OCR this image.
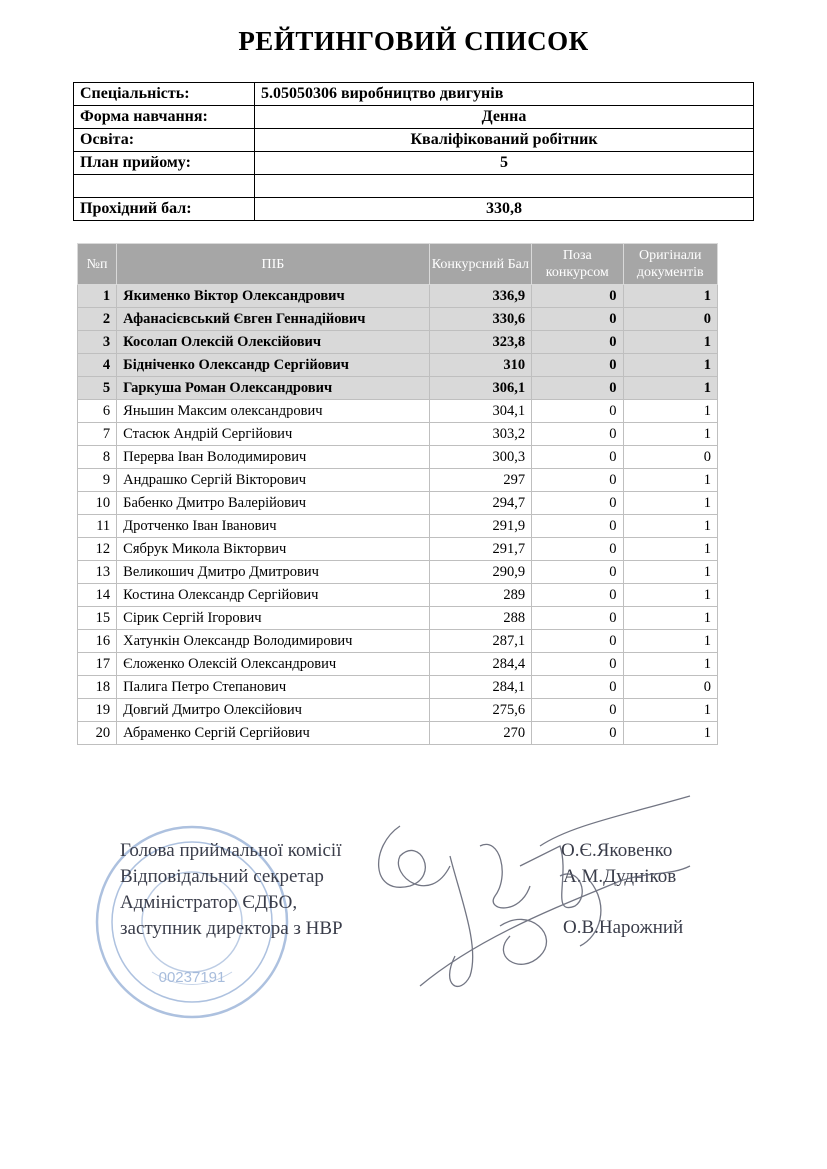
РЕЙТИНГОВИЙ СПИСОК
Спеціальність:	5.05050306 виробництво двигунів
Форма навчання:	Денна
Освіта:	Кваліфікований робітник
План прийому:	5

Прохідний бал:	330,8
№п	ПІБ	Конкурсний Бал	Поза конкурсом	Оригінали документів
1	Якименко Віктор Олександрович	336,9	0	1
2	Афанасієвський Євген Геннадійович	330,6	0	0
3	Косолап Олексій Олексійович	323,8	0	1
4	Бідніченко Олександр Сергійович	310	0	1
5	Гаркуша Роман Олександрович	306,1	0	1
6	Яньшин Максим олександрович	304,1	0	1
7	Стасюк Андрій Сергійович	303,2	0	1
8	Перерва Іван Володимирович	300,3	0	0
9	Андрашко Сергій Вікторович	297	0	1
10	Бабенко Дмитро Валерійович	294,7	0	1
11	Дротченко Іван Іванович	291,9	0	1
12	Сябрук Микола Вікторвич	291,7	0	1
13	Великошич Дмитро Дмитрович	290,9	0	1
14	Костина Олександр Сергійович	289	0	1
15	Сірик Сергій Ігорович	288	0	1
16	Хатункін Олександр Володимирович	287,1	0	1
17	Єложенко Олексій Олександрович	284,4	0	1
18	Палига Петро Степанович	284,1	0	0
19	Довгий Дмитро Олексійович	275,6	0	1
20	Абраменко Сергій Сергійович	270	0	1
00237191
Голова приймальної комісії
Відповідальний секретар
Адміністратор ЄДБО,
заступник директора з НВР
О.Є.Яковенко
А.М.Дудніков
О.В.Нарожний
